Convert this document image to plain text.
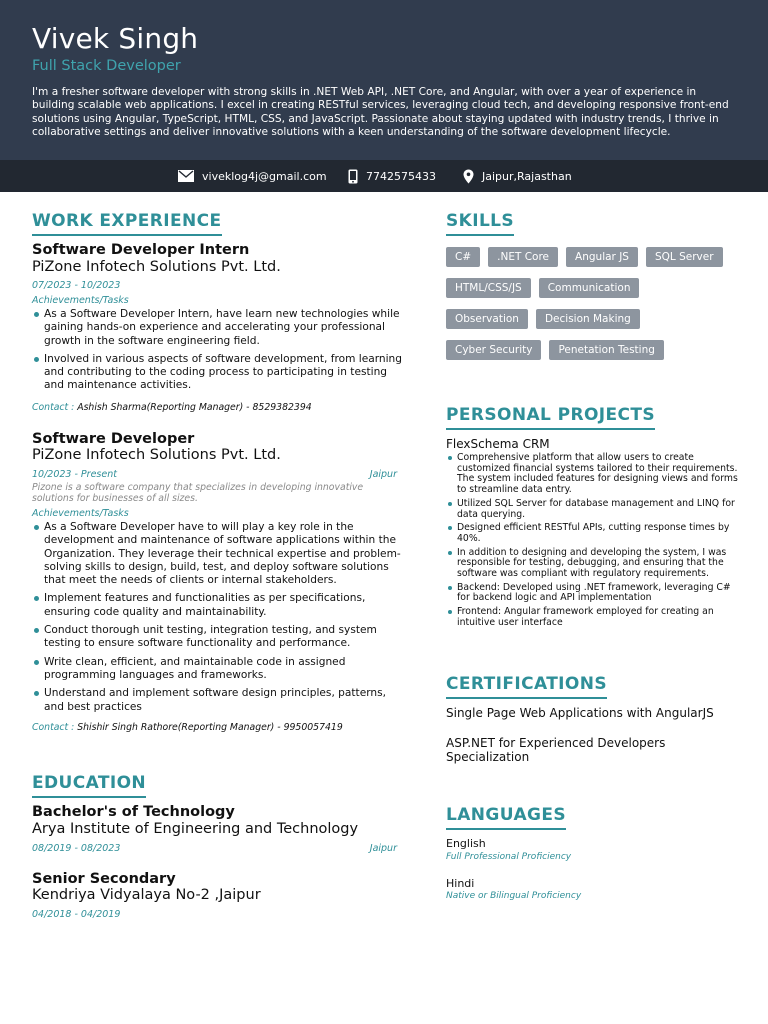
Vivek Singh
Full Stack Developer
I'm a fresher software developer with strong skills in .NET Web API, .NET Core, and Angular, with over a year of experience in building scalable web applications. I excel in creating RESTful services, leveraging cloud tech, and developing responsive front-end solutions using Angular, TypeScript, HTML, CSS, and JavaScript. Passionate about staying updated with industry trends, I thrive in collaborative settings and deliver innovative solutions with a keen understanding of the software development lifecycle.
viveklog4j@gmail.com	7742575433	Jaipur,Rajasthan
WORK EXPERIENCE
Software Developer Intern
PiZone Infotech Solutions Pvt. Ltd.
07/2023 - 10/2023
Achievements/Tasks
As a Software Developer Intern, have learn new technologies while gaining hands-on experience and accelerating your professional growth in the software engineering field.
Involved in various aspects of software development, from learning and contributing to the coding process to participating in testing and maintenance activities.
Contact : Ashish Sharma(Reporting Manager) - 8529382394
Software Developer
PiZone Infotech Solutions Pvt. Ltd.
10/2023 - Present	Jaipur
Pizone is a software company that specializes in developing innovative solutions for businesses of all sizes.
Achievements/Tasks
As a Software Developer have to will play a key role in the development and maintenance of software applications within the Organization. They leverage their technical expertise and problem-solving skills to design, build, test, and deploy software solutions that meet the needs of clients or internal stakeholders.
Implement features and functionalities as per specifications, ensuring code quality and maintainability.
Conduct thorough unit testing, integration testing, and system testing to ensure software functionality and performance.
Write clean, efficient, and maintainable code in assigned programming languages and frameworks.
Understand and implement software design principles, patterns, and best practices
Contact : Shishir Singh Rathore(Reporting Manager) - 9950057419
EDUCATION
Bachelor's of Technology
Arya Institute of Engineering and Technology
08/2019 - 08/2023	Jaipur
Senior Secondary
Kendriya Vidyalaya No-2 ,Jaipur
04/2018 - 04/2019
SKILLS
C#	.NET Core	Angular JS	SQL Server
HTML/CSS/JS	Communication
Observation	Decision Making
Cyber Security	Penetation Testing
PERSONAL PROJECTS
FlexSchema CRM
Comprehensive platform that allow users to create customized financial systems tailored to their requirements. The system included features for designing views and forms to streamline data entry.
Utilized SQL Server for database management and LINQ for data querying.
Designed efficient RESTful APIs, cutting response times by 40%.
In addition to designing and developing the system, I was responsible for testing, debugging, and ensuring that the software was compliant with regulatory requirements.
Backend: Developed using .NET framework, leveraging C# for backend logic and API implementation
Frontend: Angular framework employed for creating an intuitive user interface
CERTIFICATIONS
Single Page Web Applications with AngularJS
ASP.NET for Experienced Developers Specialization
LANGUAGES
English
Full Professional Proficiency
Hindi
Native or Bilingual Proficiency
